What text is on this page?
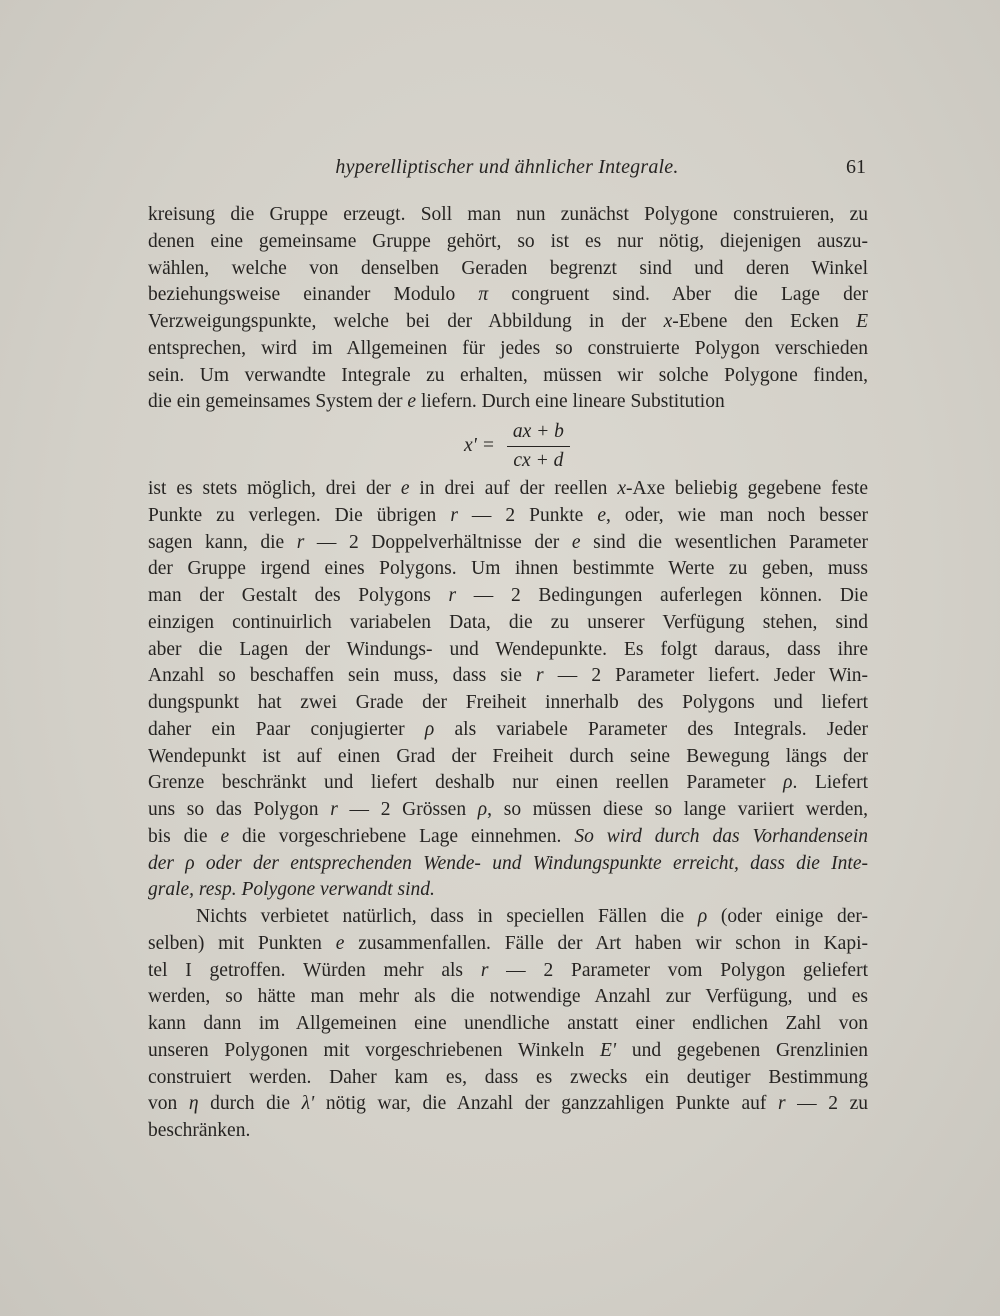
hyperelliptischer und ähnlicher Integrale.	61
kreisung die Gruppe erzeugt. Soll man nun zunächst Polygone construieren, zu
denen eine gemeinsame Gruppe gehört, so ist es nur nötig, diejenigen auszu-
wählen, welche von denselben Geraden begrenzt sind und deren Winkel
beziehungsweise einander Modulo π congruent sind. Aber die Lage der
Verzweigungspunkte, welche bei der Abbildung in der x-Ebene den Ecken E
entsprechen, wird im Allgemeinen für jedes so construierte Polygon verschieden
sein. Um verwandte Integrale zu erhalten, müssen wir solche Polygone finden,
die ein gemeinsames System der e liefern. Durch eine lineare Substitution
$x' = \frac{ax + b}{cx + d}$
ist es stets möglich, drei der e in drei auf der reellen x-Axe beliebig gegebene feste
Punkte zu verlegen. Die übrigen r — 2 Punkte e, oder, wie man noch besser
sagen kann, die r — 2 Doppelverhältnisse der e sind die wesentlichen Parameter
der Gruppe irgend eines Polygons. Um ihnen bestimmte Werte zu geben, muss
man der Gestalt des Polygons r — 2 Bedingungen auferlegen können. Die
einzigen continuirlich variabelen Data, die zu unserer Verfügung stehen, sind
aber die Lagen der Windungs- und Wendepunkte. Es folgt daraus, dass ihre
Anzahl so beschaffen sein muss, dass sie r — 2 Parameter liefert. Jeder Win-
dungspunkt hat zwei Grade der Freiheit innerhalb des Polygons und liefert
daher ein Paar conjugierter ρ als variabele Parameter des Integrals. Jeder
Wendepunkt ist auf einen Grad der Freiheit durch seine Bewegung längs der
Grenze beschränkt und liefert deshalb nur einen reellen Parameter ρ. Liefert
uns so das Polygon r — 2 Grössen ρ, so müssen diese so lange variiert werden,
bis die e die vorgeschriebene Lage einnehmen. So wird durch das Vorhandensein
der ρ oder der entsprechenden Wende- und Windungspunkte erreicht, dass die Inte-
grale, resp. Polygone verwandt sind.
Nichts verbietet natürlich, dass in speciellen Fällen die ρ (oder einige der-
selben) mit Punkten e zusammenfallen. Fälle der Art haben wir schon in Kapi-
tel I getroffen. Würden mehr als r — 2 Parameter vom Polygon geliefert
werden, so hätte man mehr als die notwendige Anzahl zur Verfügung, und es
kann dann im Allgemeinen eine unendliche anstatt einer endlichen Zahl von
unseren Polygonen mit vorgeschriebenen Winkeln E' und gegebenen Grenzlinien
construiert werden. Daher kam es, dass es zwecks ein deutiger Bestimmung
von η durch die λ' nötig war, die Anzahl der ganzzahligen Punkte auf r — 2 zu
beschränken.
